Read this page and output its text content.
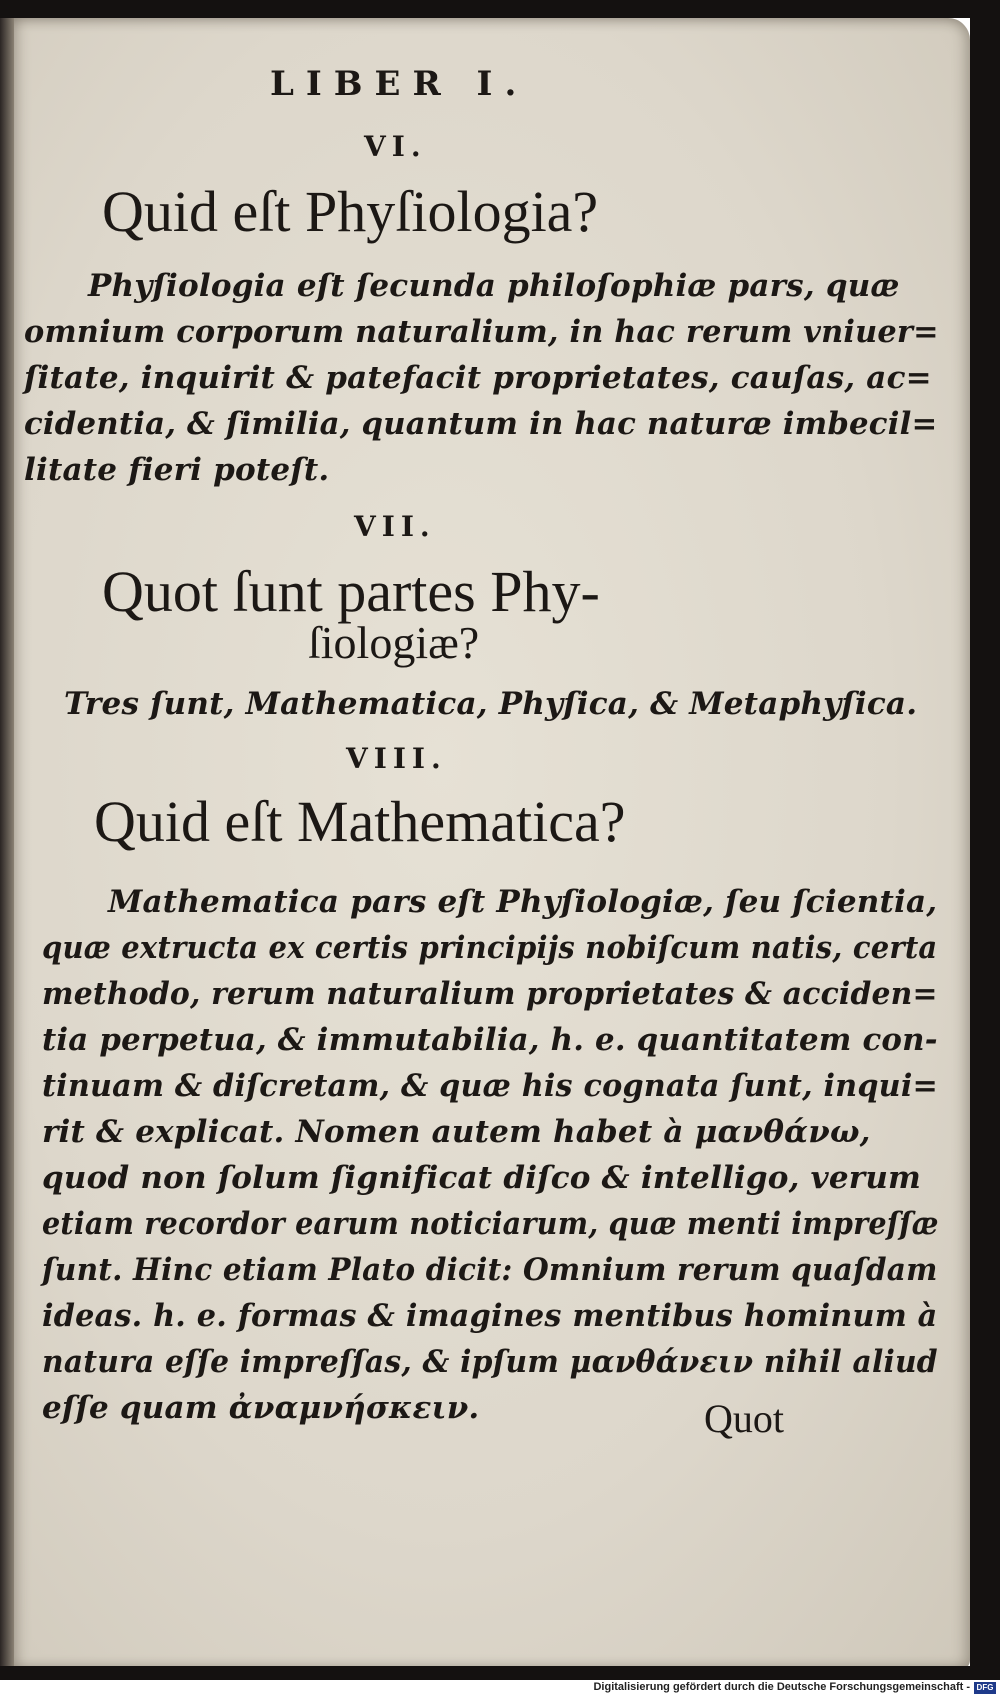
LIBER I.
VI.
Quid eſt Phyſiologia?
Phyſiologia eſt ſecunda philoſophiæ pars, quæ
omnium corporum naturalium, in hac rerum vniuer=
ſitate, inquirit & patefacit proprietates, cauſas, ac=
cidentia, & ſimilia, quantum in hac naturæ imbecil=
litate fieri poteſt.
VII.
Quot ſunt partes Phy-
ſiologiæ?
Tres ſunt, Mathematica, Phyſica, & Metaphyſica.
VIII.
Quid eſt Mathematica?
Mathematica pars eſt Phyſiologiæ, ſeu ſcientia,
quæ extructa ex certis principijs nobiſcum natis, certa
methodo, rerum naturalium proprietates & acciden=
tia perpetua, & immutabilia, h. e. quantitatem con-
tinuam & diſcretam, & quæ his cognata ſunt, inqui=
rit & explicat. Nomen autem habet à μανθάνω,
quod non ſolum ſignificat diſco & intelligo, verum
etiam recordor earum noticiarum, quæ menti impreſſæ
ſunt. Hinc etiam Plato dicit: Omnium rerum quaſdam
ideas. h. e. formas & imagines mentibus hominum à
natura eſſe impreſſas, & ipſum μανθάνειν nihil aliud
eſſe quam ἀναμνήσκειν.	Quot
Digitalisierung gefördert durch die Deutsche Forschungsgemeinschaft - DFG
